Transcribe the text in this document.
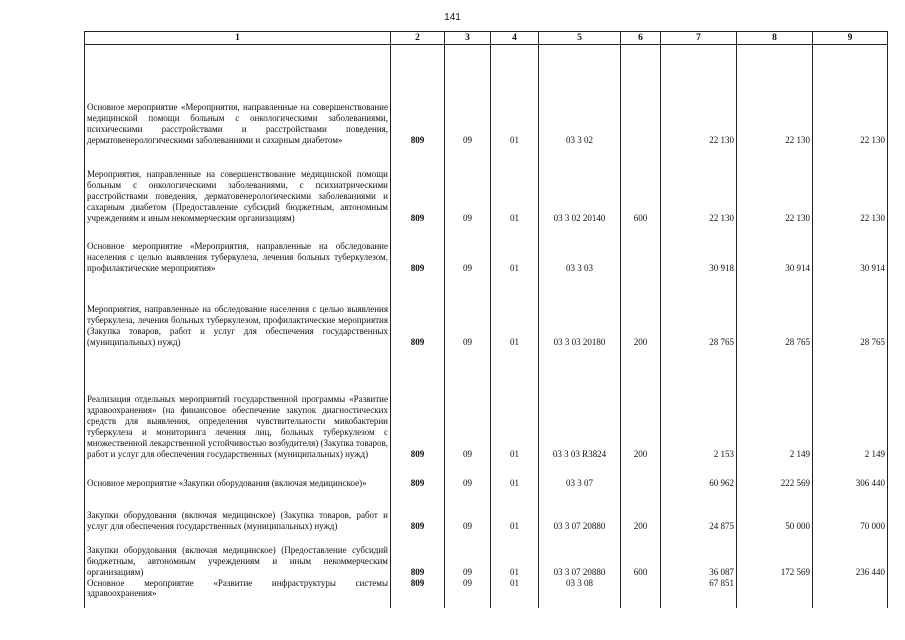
141
1	2	3	4	5	6	7	8	9
Основное мероприятие «Мероприятия, направленные на совершенствование медицинской помощи больным с онкологическими заболеваниями, психическими расстройствами и расстройствами поведения, дерматовенерологическими заболеваниями и сахарным диабетом»	809	09	01	03 3 02		22 130	22 130	22 130
Мероприятия, направленные на совершенствование медицинской помощи больным с онкологическими заболеваниями, с психиатрическими расстройствами поведения, дерматовенерологическими заболеваниями и сахарным диабетом (Предоставление субсидий бюджетным, автономным учреждениям и иным некоммерческим организациям)	809	09	01	03 3 02 20140	600	22 130	22 130	22 130
Основное мероприятие «Мероприятия, направленные на обследование населения с целью выявления туберкулеза, лечения больных туберкулезом, профилактические мероприятия»	809	09	01	03 3 03		30 918	30 914	30 914
Мероприятия, направленные на обследование населения с целью выявления туберкулеза, лечения больных туберкулезом, профилактические мероприятия (Закупка товаров, работ и услуг для обеспечения государственных (муниципальных) нужд)	809	09	01	03 3 03 20180	200	28 765	28 765	28 765
Реализация отдельных мероприятий государственной программы «Развитие здравоохранения» (на финансовое обеспечение закупок диагностических средств для выявления, определения чувствительности микобактерии туберкулеза и мониторинга лечения лиц, больных туберкулезом с множественной лекарственной устойчивостью возбудителя) (Закупка товаров, работ и услуг для обеспечения государственных (муниципальных) нужд)	809	09	01	03 3 03 R3824	200	2 153	2 149	2 149
Основное мероприятие «Закупки оборудования (включая медицинское)»	809	09	01	03 3 07		60 962	222 569	306 440
Закупки оборудования (включая медицинское) (Закупка товаров, работ и услуг для обеспечения государственных (муниципальных) нужд)	809	09	01	03 3 07 20880	200	24 875	50 000	70 000
Закупки оборудования (включая медицинское) (Предоставление субсидий бюджетным, автономным учреждениям и иным некоммерческим организациям)	809	09	01	03 3 07 20880	600	36 087	172 569	236 440
Основное мероприятие «Развитие инфраструктуры системы здравоохранения»	809	09	01	03 3 08		67 851		
